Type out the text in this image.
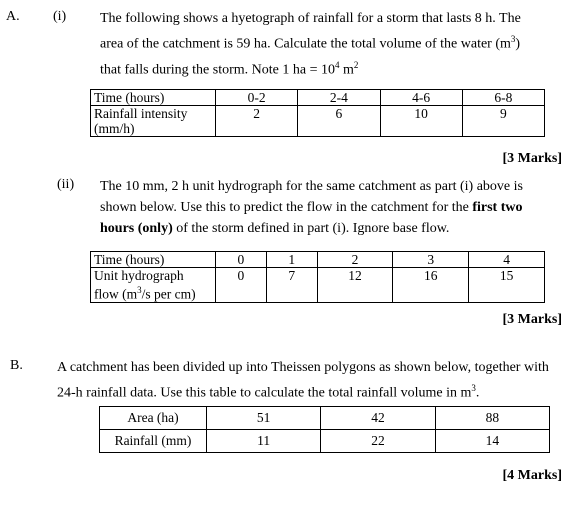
A. (i) The following shows a hyetograph of rainfall for a storm that lasts 8 h. The
area of the catchment is 59 ha. Calculate the total volume of the water $(m^3)$
that falls during the storm. Note 1 ha = $10^4$ $m^2$
Time (hours)	0-2	2-4	4-6	6-8

Rainfall intensity
(mm/h)	2	6	10	9
[3 Marks]
(ii) The 10 mm, 2 h unit hydrograph for the same catchment as part (i) above is
shown below. Use this to predict the flow in the catchment for the first two
hours (only) of the storm defined in part (i). Ignore base flow.
Time (hours)	0	1	2	3	4

Unit hydrograph
flow ($m^3/s$ per cm)	0	7	12	16	15
[3 Marks]
B. A catchment has been divided up into Theissen polygons as shown below, together with
24-h rainfall data. Use this table to calculate the total rainfall volume in $m^3$.
Area (ha)	51	42	88
Rainfall (mm)	11	22	14
[4 Marks]
